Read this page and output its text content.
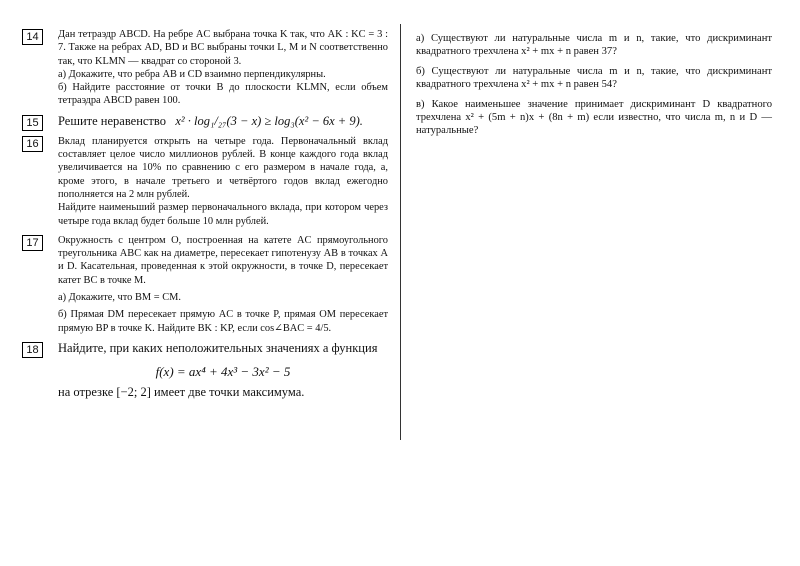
14	Дан тетраэдр ABCD. На ребре AC выбрана точка K так, что AK : KC = 3 : 7. Также на ребрах AD, BD и BC выбраны точки L, M и N соответственно так, что KLMN — квадрат со стороной 3.

а) Докажите, что ребра AB и CD взаимно перпендикулярны.

б) Найдите расстояние от точки B до плоскости KLMN, если объем тетраэдра ABCD равен 100.

15	Решите неравенство x² · log₁/₂₇(3 − x) ≥ log₃(x² − 6x + 9).
16	Вклад планируется открыть на четыре года. Первоначальный вклад составляет целое число миллионов рублей. В конце каждого года вклад увеличивается на 10% по сравнению с его размером в начале года, а, кроме этого, в начале третьего и четвёртого годов вклад ежегодно пополняется на 2 млн рублей.

Найдите наименьший размер первоначального вклада, при котором через четыре года вклад будет больше 10 млн рублей.

17	Окружность с центром O, построенная на катете AC прямоугольного треугольника ABC как на диаметре, пересекает гипотенузу AB в точках A и D. Касательная, проведенная к этой окружности, в точке D, пересекает катет BC в точке M.

а) Докажите, что BM = CM.

б) Прямая DM пересекает прямую AC в точке P, прямая OM пересекает прямую BP в точке K. Найдите BK : KP, если cos∠BAC = 4/5.

18	Найдите, при каких неположительных значениях a функция
f(x) = ax⁴ + 4x³ − 3x² − 5
на отрезке [−2; 2] имеет две точки максимума.

а) Существуют ли натуральные числа m и n, такие, что дискриминант квадратного трехчлена x² + mx + n равен 37?

б) Существуют ли натуральные числа m и n, такие, что дискриминант квадратного трехчлена x² + mx + n равен 54?

в) Какое наименьшее значение принимает дискриминант D квадратного трехчлена x² + (5m + n)x + (8n + m) если известно, что числа m, n и D — натуральные?
